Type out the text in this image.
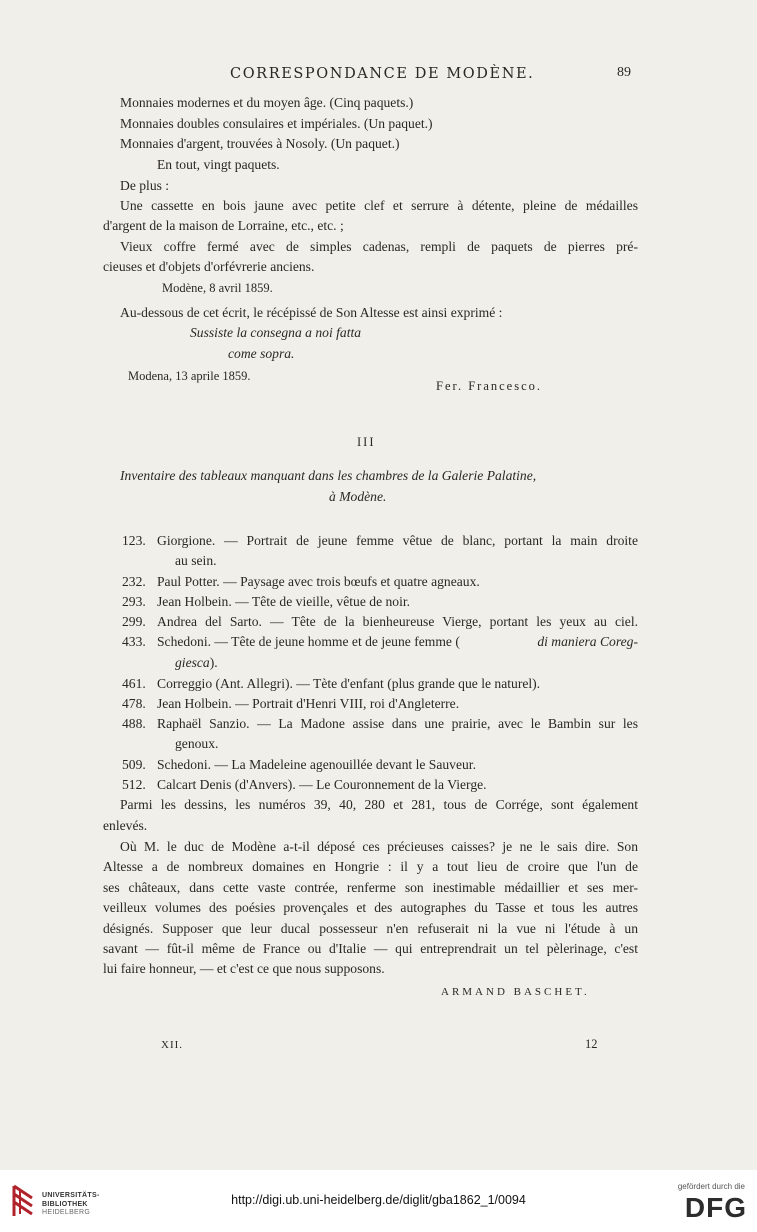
CORRESPONDANCE DE MODÈNE.	89
Monnaies modernes et du moyen âge. (Cinq paquets.)
Monnaies doubles consulaires et impériales. (Un paquet.)
Monnaies d'argent, trouvées à Nosoly. (Un paquet.)
En tout, vingt paquets.
De plus :
Une cassette en bois jaune avec petite clef et serrure à détente, pleine de médailles
d'argent de la maison de Lorraine, etc., etc. ;
Vieux coffre fermé avec de simples cadenas, rempli de paquets de pierres pré-
cieuses et d'objets d'orfévrerie anciens.
Modène, 8 avril 1859.
Au-dessous de cet écrit, le récépissé de Son Altesse est ainsi exprimé :
Sussiste la consegna a noi fatta
come sopra.
Modena, 13 aprile 1859.
Fer. Francesco.
III
Inventaire des tableaux manquant dans les chambres de la Galerie Palatine,
à Modène.
123. Giorgione. — Portrait de jeune femme vêtue de blanc, portant la main droite
au sein.
232. Paul Potter. — Paysage avec trois bœufs et quatre agneaux.
293. Jean Holbein. — Tête de vieille, vêtue de noir.
299. Andrea del Sarto. — Tête de la bienheureuse Vierge, portant les yeux au ciel.
433. Schedoni. — Tête de jeune homme et de jeune femme (	di maniera Coreg-
giesca).
461. Correggio (Ant. Allegri). — Tète d'enfant (plus grande que le naturel).
478. Jean Holbein. — Portrait d'Henri VIII, roi d'Angleterre.
488. Raphaël Sanzio. — La Madone assise dans une prairie, avec le Bambin sur les
genoux.
509. Schedoni. — La Madeleine agenouillée devant le Sauveur.
512. Calcart Denis (d'Anvers). — Le Couronnement de la Vierge.
Parmi les dessins, les numéros 39, 40, 280 et 281, tous de Corrége, sont également
enlevés.
Où M. le duc de Modène a-t-il déposé ces précieuses caisses? je ne le sais dire. Son
Altesse a de nombreux domaines en Hongrie : il y a tout lieu de croire que l'un de
ses châteaux, dans cette vaste contrée, renferme son inestimable médaillier et ses mer-
veilleux volumes des poésies provençales et des autographes du Tasse et tous les autres
désignés. Supposer que leur ducal possesseur n'en refuserait ni la vue ni l'étude à un
savant — fût-il même de France ou d'Italie — qui entreprendrait un tel pèlerinage, c'est
lui faire honneur, — et c'est ce que nous supposons.
ARMAND BASCHET.
XII.	12
UNIVERSITÄTS-
BIBLIOTHEK
HEIDELBERG
http://digi.ub.uni-heidelberg.de/diglit/gba1862_1/0094
gefördert durch die
DFG
